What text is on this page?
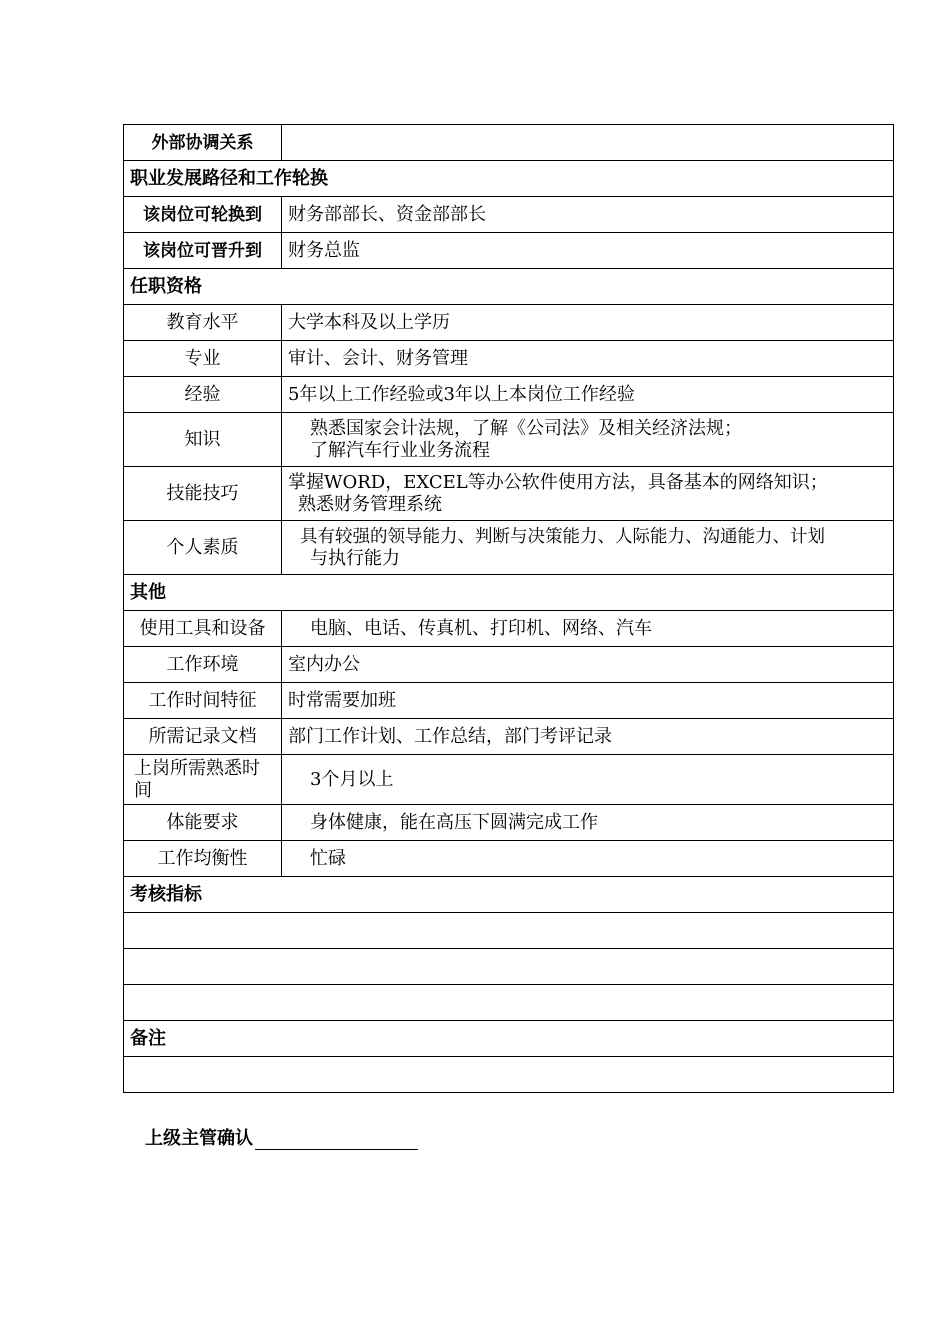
外部协调关系	
职业发展路径和工作轮换	
该岗位可轮换到	财务部部长、资金部部长
该岗位可晋升到	财务总监
任职资格	
教育水平	大学本科及以上学历
专业	审计、会计、财务管理
经验	5年以上工作经验或3年以上本岗位工作经验
知识	熟悉国家会计法规，了解《公司法》及相关经济法规；
了解汽车行业业务流程

技能技巧	掌握WORD，EXCEL等办公软件使用方法，具备基本的网络知识；
熟悉财务管理系统

个人素质	具有较强的领导能力、判断与决策能力、人际能力、沟通能力、计划
与执行能力

其他	
使用工具和设备	电脑、电话、传真机、打印机、网络、汽车
工作环境	室内办公
工作时间特征	时常需要加班
所需记录文档	部门工作计划、工作总结，部门考评记录
上岗所需熟悉时间	3个月以上
体能要求	身体健康，能在高压下圆满完成工作
工作均衡性	忙碌
考核指标	

备注	

上级主管确认
